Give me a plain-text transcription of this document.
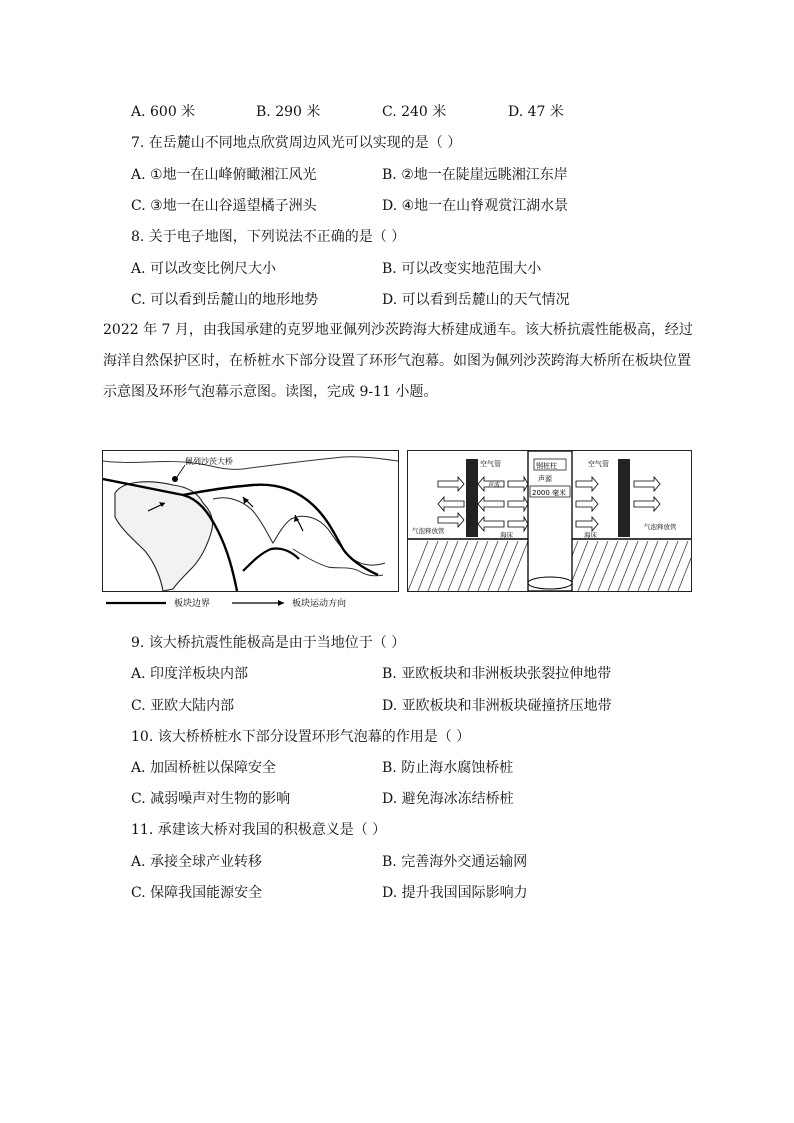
A. 600 米	B. 290 米	C. 240 米	D. 47 米
7. 在岳麓山不同地点欣赏周边风光可以实现的是（ ）
A. ①地一在山峰俯瞰湘江风光	B. ②地一在陡崖远眺湘江东岸
C. ③地一在山谷遥望橘子洲头	D. ④地一在山脊观赏江湖水景
8. 关于电子地图，下列说法不正确的是（ ）
A. 可以改变比例尺大小	B. 可以改变实地范围大小
C. 可以看到岳麓山的地形地势	D. 可以看到岳麓山的天气情况
2022 年 7 月，由我国承建的克罗地亚佩列沙茨跨海大桥建成通车。该大桥抗震性能极高，经过海洋自然保护区时，在桥桩水下部分设置了环形气泡幕。如图为佩列沙茨跨海大桥所在板块位置示意图及环形气泡幕示意图。读图，完成 9-11 小题。
佩列沙茨大桥	钢桩柱
声源
2000 毫米
空气管	空气管
声波
气泡释放管	气泡释放管
海床	海床
板块边界	板块运动方向
9. 该大桥抗震性能极高是由于当地位于（ ）
A. 印度洋板块内部	B. 亚欧板块和非洲板块张裂拉伸地带
C. 亚欧大陆内部	D. 亚欧板块和非洲板块碰撞挤压地带
10. 该大桥桥桩水下部分设置环形气泡幕的作用是（ ）
A. 加固桥桩以保障安全	B. 防止海水腐蚀桥桩
C. 减弱噪声对生物的影响	D. 避免海冰冻结桥桩
11. 承建该大桥对我国的积极意义是（ ）
A. 承接全球产业转移	B. 完善海外交通运输网
C. 保障我国能源安全	D. 提升我国国际影响力
